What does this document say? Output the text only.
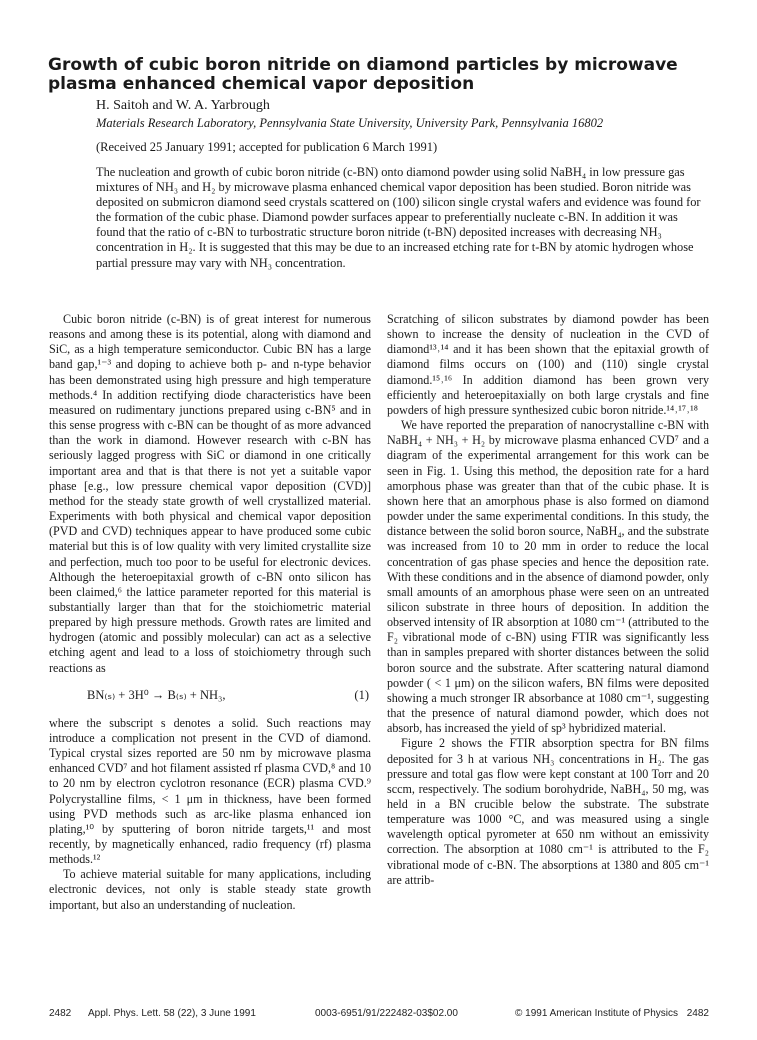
Growth of cubic boron nitride on diamond particles by microwave plasma enhanced chemical vapor deposition
H. Saitoh and W. A. Yarbrough
Materials Research Laboratory, Pennsylvania State University, University Park, Pennsylvania 16802
(Received 25 January 1991; accepted for publication 6 March 1991)

The nucleation and growth of cubic boron nitride (c-BN) onto diamond powder using solid NaBH₄ in low pressure gas mixtures of NH₃ and H₂ by microwave plasma enhanced chemical vapor deposition has been studied. Boron nitride was deposited on submicron diamond seed crystals scattered on (100) silicon single crystal wafers and evidence was found for the formation of the cubic phase. Diamond powder surfaces appear to preferentially nucleate c-BN. In addition it was found that the ratio of c-BN to turbostratic structure boron nitride (t-BN) deposited increases with decreasing NH₃ concentration in H₂. It is suggested that this may be due to an increased etching rate for t-BN by atomic hydrogen whose partial pressure may vary with NH₃ concentration.

Cubic boron nitride (c-BN) is of great interest for numerous reasons and among these is its potential, along with diamond and SiC, as a high temperature semiconductor. Cubic BN has a large band gap,¹⁻³ and doping to achieve both p- and n-type behavior has been demonstrated using high pressure and high temperature methods.⁴ In addition rectifying diode characteristics have been measured on rudimentary junctions prepared using c-BN⁵ and in this sense progress with c-BN can be thought of as more advanced than the work in diamond. However research with c-BN has seriously lagged progress with SiC or diamond in one critically important area and that is that there is not yet a suitable vapor phase [e.g., low pressure chemical vapor deposition (CVD)] method for the steady state growth of well crystallized material. Experiments with both physical and chemical vapor deposition (PVD and CVD) techniques appear to have produced some cubic material but this is of low quality with very limited crystallite size and perfection, much too poor to be useful for electronic devices. Although the heteroepitaxial growth of c-BN onto silicon has been claimed,⁶ the lattice parameter reported for this material is substantially larger than that for the stoichiometric material prepared by high pressure methods. Growth rates are limited and hydrogen (atomic and possibly molecular) can act as a selective etching agent and lead to a loss of stoichiometry through such reactions as

BN₍ₛ₎ + 3H⁰ → B₍ₛ₎ + NH₃,	(1)

where the subscript s denotes a solid. Such reactions may introduce a complication not present in the CVD of diamond. Typical crystal sizes reported are 50 nm by microwave plasma enhanced CVD⁷ and hot filament assisted rf plasma CVD,⁸ and 10 to 20 nm by electron cyclotron resonance (ECR) plasma CVD.⁹ Polycrystalline films, < 1 μm in thickness, have been formed using PVD methods such as arc-like plasma enhanced ion plating,¹⁰ by sputtering of boron nitride targets,¹¹ and most recently, by magnetically enhanced, radio frequency (rf) plasma methods.¹²

To achieve material suitable for many applications, including electronic devices, not only is stable steady state growth important, but also an understanding of nucleation.

Scratching of silicon substrates by diamond powder has been shown to increase the density of nucleation in the CVD of diamond¹³˒¹⁴ and it has been shown that the epitaxial growth of diamond films occurs on (100) and (110) single crystal diamond.¹⁵˒¹⁶ In addition diamond has been grown very efficiently and heteroepitaxially on both large crystals and fine powders of high pressure synthesized cubic boron nitride.¹⁴˒¹⁷˒¹⁸

We have reported the preparation of nanocrystalline c-BN with NaBH₄ + NH₃ + H₂ by microwave plasma enhanced CVD⁷ and a diagram of the experimental arrangement for this work can be seen in Fig. 1. Using this method, the deposition rate for a hard amorphous phase was greater than that of the cubic phase. It is shown here that an amorphous phase is also formed on diamond powder under the same experimental conditions. In this study, the distance between the solid boron source, NaBH₄, and the substrate was increased from 10 to 20 mm in order to reduce the local concentration of gas phase species and hence the deposition rate. With these conditions and in the absence of diamond powder, only small amounts of an amorphous phase were seen on an untreated silicon substrate in three hours of deposition. In addition the observed intensity of IR absorption at 1080 cm⁻¹ (attributed to the F₂ vibrational mode of c-BN) using FTIR was significantly less than in samples prepared with shorter distances between the solid boron source and the substrate. After scattering natural diamond powder ( < 1 μm) on the silicon wafers, BN films were deposited showing a much stronger IR absorbance at 1080 cm⁻¹, suggesting that the presence of natural diamond powder, which does not absorb, has increased the yield of sp³ hybridized material.

Figure 2 shows the FTIR absorption spectra for BN films deposited for 3 h at various NH₃ concentrations in H₂. The gas pressure and total gas flow were kept constant at 100 Torr and 20 sccm, respectively. The sodium borohydride, NaBH₄, 50 mg, was held in a BN crucible below the substrate. The substrate temperature was 1000 °C, and was measured using a single wavelength optical pyrometer at 650 nm without an emissivity correction. The absorption at 1080 cm⁻¹ is attributed to the F₂ vibrational mode of c-BN. The absorptions at 1380 and 805 cm⁻¹ are attrib-

2482 Appl. Phys. Lett. 58 (22), 3 June 1991	0003-6951/91/222482-03$02.00	© 1991 American Institute of Physics 2482
